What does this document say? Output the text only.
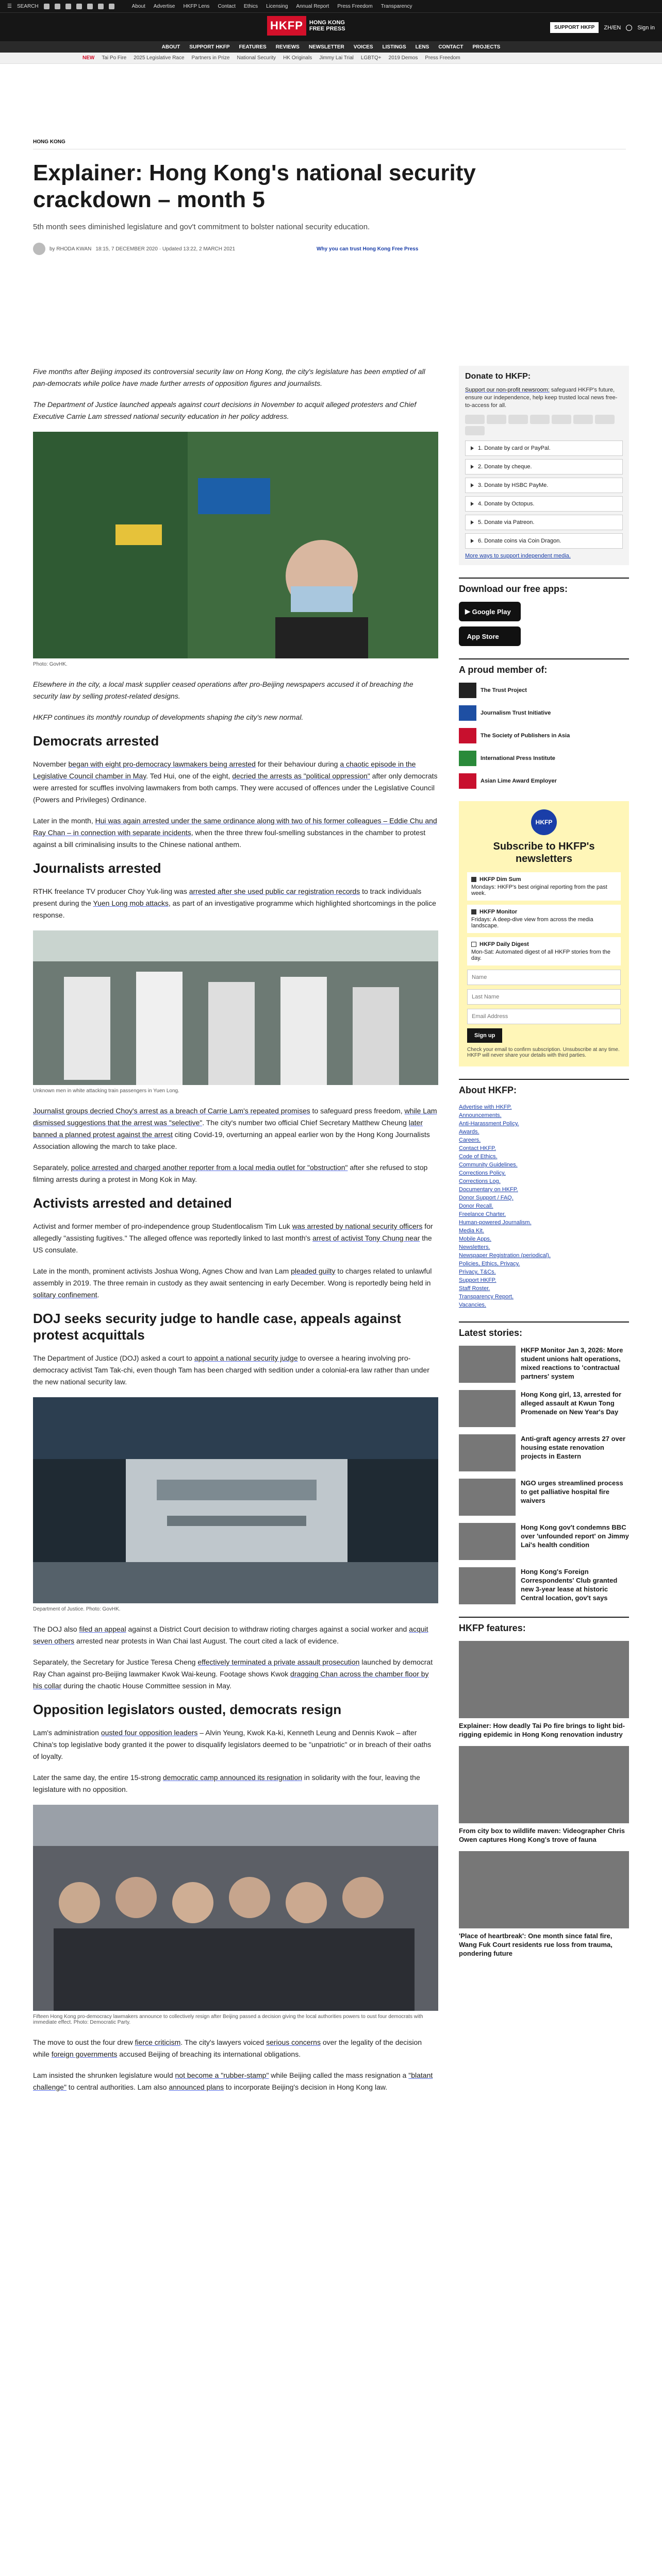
☰ SEARCH	About Advertise HKFP Lens Contact Ethics Licensing Annual Report Press Freedom Transparency
HKFP	HONG KONG
FREE PRESS	SUPPORT HKFP	ZH/EN	Sign in
ABOUT SUPPORT HKFP FEATURES REVIEWS NEWSLETTER VOICES LISTINGS LENS CONTACT PROJECTS
NEW Tai Po Fire 2025 Legislative Race Partners in Prize National Security HK Originals Jimmy Lai Trial LGBTQ+ 2019 Demos Press Freedom
HONG KONG
Explainer: Hong Kong's national security crackdown – month 5
5th month sees diminished legislature and gov't commitment to bolster national security education.
by RHODA KWAN 18:15, 7 DECEMBER 2020 · Updated 13:22, 2 MARCH 2021	Why you can trust Hong Kong Free Press

Five months after Beijing imposed its controversial security law on Hong Kong, the city's legislature has been emptied of all pan-democrats while police have made further arrests of opposition figures and journalists.

The Department of Justice launched appeals against court decisions in November to acquit alleged protesters and Chief Executive Carrie Lam stressed national security education in her policy address.

Photo: GovHK.

Elsewhere in the city, a local mask supplier ceased operations after pro-Beijing newspapers accused it of breaching the security law by selling protest-related designs.

HKFP continues its monthly roundup of developments shaping the city's new normal.

Democrats arrested

November began with eight pro-democracy lawmakers being arrested for their behaviour during a chaotic episode in the Legislative Council chamber in May. Ted Hui, one of the eight, decried the arrests as "political oppression" after only democrats were arrested for scuffles involving lawmakers from both camps. They were accused of offences under the Legislative Council (Powers and Privileges) Ordinance.

Later in the month, Hui was again arrested under the same ordinance along with two of his former colleagues – Eddie Chu and Ray Chan – in connection with separate incidents, when the three threw foul-smelling substances in the chamber to protest against a bill criminalising insults to the Chinese national anthem.

Journalists arrested

RTHK freelance TV producer Choy Yuk-ling was arrested after she used public car registration records to track individuals present during the Yuen Long mob attacks, as part of an investigative programme which highlighted shortcomings in the police response.

Unknown men in white attacking train passengers in Yuen Long.

Journalist groups decried Choy's arrest as a breach of Carrie Lam's repeated promises to safeguard press freedom, while Lam dismissed suggestions that the arrest was "selective". The city's number two official Chief Secretary Matthew Cheung later banned a planned protest against the arrest citing Covid-19, overturning an appeal earlier won by the Hong Kong Journalists Association allowing the march to take place.

Separately, police arrested and charged another reporter from a local media outlet for "obstruction" after she refused to stop filming arrests during a protest in Mong Kok in May.

Activists arrested and detained

Activist and former member of pro-independence group Studentlocalism Tim Luk was arrested by national security officers for allegedly "assisting fugitives." The alleged offence was reportedly linked to last month's arrest of activist Tony Chung near the US consulate.

Late in the month, prominent activists Joshua Wong, Agnes Chow and Ivan Lam pleaded guilty to charges related to unlawful assembly in 2019. The three remain in custody as they await sentencing in early December. Wong is reportedly being held in solitary confinement.

DOJ seeks security judge to handle case, appeals against protest acquittals

The Department of Justice (DOJ) asked a court to appoint a national security judge to oversee a hearing involving pro-democracy activist Tam Tak-chi, even though Tam has been charged with sedition under a colonial-era law rather than under the new national security law.

Department of Justice. Photo: GovHK.

The DOJ also filed an appeal against a District Court decision to withdraw rioting charges against a social worker and acquit seven others arrested near protests in Wan Chai last August. The court cited a lack of evidence.

Separately, the Secretary for Justice Teresa Cheng effectively terminated a private assault prosecution launched by democrat Ray Chan against pro-Beijing lawmaker Kwok Wai-keung. Footage shows Kwok dragging Chan across the chamber floor by his collar during the chaotic House Committee session in May.

Opposition legislators ousted, democrats resign

Lam's administration ousted four opposition leaders – Alvin Yeung, Kwok Ka-ki, Kenneth Leung and Dennis Kwok – after China's top legislative body granted it the power to disqualify legislators deemed to be "unpatriotic" or in breach of their oaths of loyalty.

Later the same day, the entire 15-strong democratic camp announced its resignation in solidarity with the four, leaving the legislature with no opposition.

Fifteen Hong Kong pro-democracy lawmakers announce to collectively resign after Beijing passed a decision giving the local authorities powers to oust four democrats with immediate effect. Photo: Democratic Party.

The move to oust the four drew fierce criticism. The city's lawyers voiced serious concerns over the legality of the decision while foreign governments accused Beijing of breaching its international obligations.

Lam insisted the shrunken legislature would not become a "rubber-stamp" while Beijing called the mass resignation a "blatant challenge" to central authorities. Lam also announced plans to incorporate Beijing's decision in Hong Kong law.

Donate to HKFP:

Support our non-profit newsroom: safeguard HKFP's future, ensure our independence, help keep trusted local news free-to-access for all.

1. Donate by card or PayPal.
2. Donate by cheque.
3. Donate by HSBC PayMe.
4. Donate by Octopus.
5. Donate via Patreon.
6. Donate coins via Coin Dragon.
More ways to support independent media.
Download our free apps:
▶ Google Play

App Store
A proud member of:
The Trust Project
Journalism Trust Initiative
The Society of Publishers in Asia
International Press Institute
Asian Lime Award Employer
HKFP
Subscribe to HKFP's newsletters
HKFP Dim Sum
Mondays: HKFP's best original reporting from the past week.
HKFP Monitor
Fridays: A deep-dive view from across the media landscape.
HKFP Daily Digest
Mon-Sat: Automated digest of all HKFP stories from the day.
Name Last Name Email Address Sign up
Check your email to confirm subscription. Unsubscribe at any time. HKFP will never share your details with third parties.
About HKFP:
Advertise with HKFP.
Announcements.
Anti-Harassment Policy.
Awards.
Careers.
Contact HKFP.
Code of Ethics.
Community Guidelines.
Corrections Policy.
Corrections Log.
Documentary on HKFP.
Donor Support / FAQ.
Donor Recall.
Freelance Charter.
Human-powered Journalism.
Media Kit.
Mobile Apps.
Newsletters.
Newspaper Registration (periodical).
Policies, Ethics, Privacy.
Privacy, T&Cs.
Support HKFP.
Staff Roster.
Transparency Report.
Vacancies.
Latest stories:
HKFP Monitor Jan 3, 2026: More student unions halt operations, mixed reactions to 'contractual partners' system
Hong Kong girl, 13, arrested for alleged assault at Kwun Tong Promenade on New Year's Day
Anti-graft agency arrests 27 over housing estate renovation projects in Eastern
NGO urges streamlined process to get palliative hospital fire waivers
Hong Kong gov't condemns BBC over 'unfounded report' on Jimmy Lai's health condition
Hong Kong's Foreign Correspondents' Club granted new 3-year lease at historic Central location, gov't says
HKFP features:
Explainer: How deadly Tai Po fire brings to light bid-rigging epidemic in Hong Kong renovation industry
From city box to wildlife maven: Videographer Chris Owen captures Hong Kong's trove of fauna
'Place of heartbreak': One month since fatal fire, Wang Fuk Court residents rue loss from trauma, pondering future
